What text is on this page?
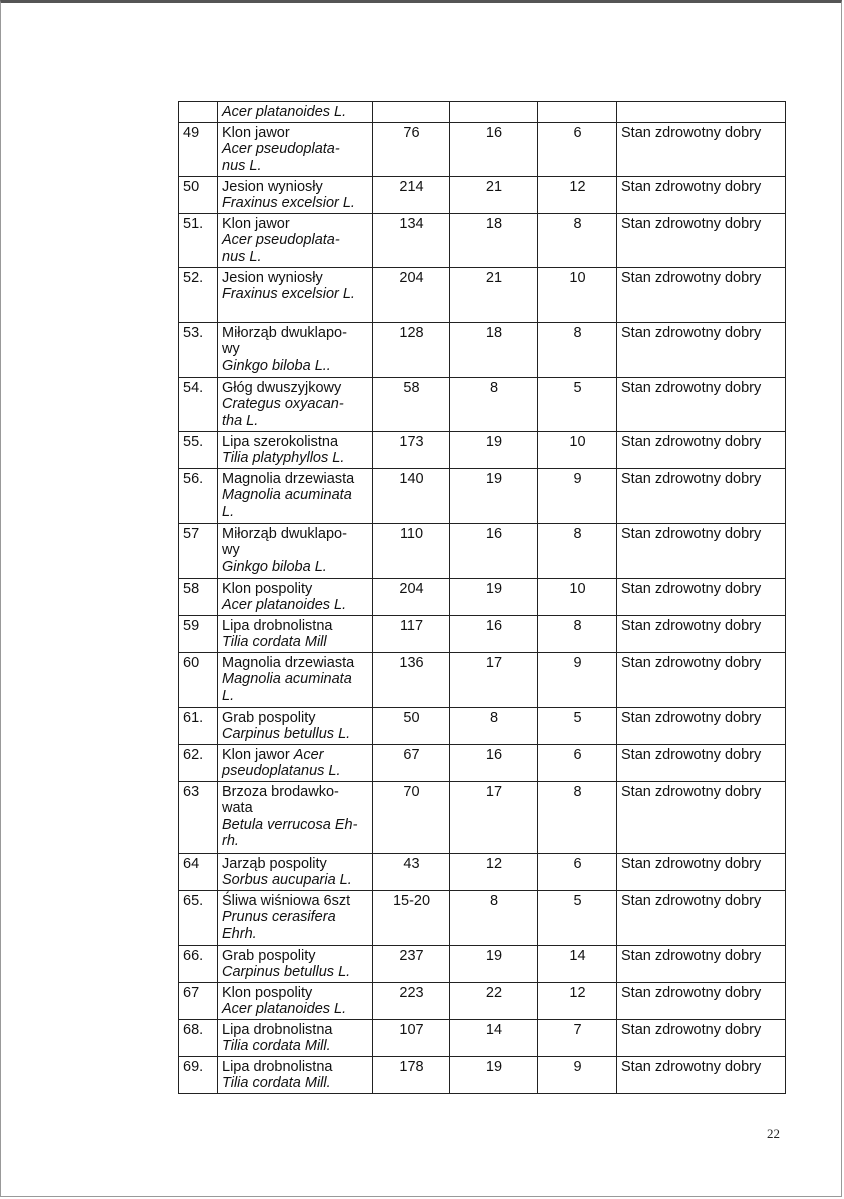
	Acer platanoides L.				

49	Klon jawor
Acer pseudoplata-
nus L.	76	16	6	Stan zdrowotny dobry
50	Jesion wyniosły
Fraxinus excelsior L.	214	21	12	Stan zdrowotny dobry
51.	Klon jawor
Acer pseudoplata-
nus L.	134	18	8	Stan zdrowotny dobry
52.	Jesion wyniosły
Fraxinus excelsior L.	204	21	10	Stan zdrowotny dobry
53.	Miłorząb dwuklapo-
wy
Ginkgo biloba L..	128	18	8	Stan zdrowotny dobry
54.	Głóg dwuszyjkowy
Crategus oxyacan-
tha L.	58	8	5	Stan zdrowotny dobry
55.	Lipa szerokolistna
Tilia platyphyllos L.	173	19	10	Stan zdrowotny dobry
56.	Magnolia drzewiasta
Magnolia acuminata
L.	140	19	9	Stan zdrowotny dobry
57	Miłorząb dwuklapo-
wy
Ginkgo biloba L.	110	16	8	Stan zdrowotny dobry
58	Klon pospolity
Acer platanoides L.	204	19	10	Stan zdrowotny dobry
59	Lipa drobnolistna
Tilia cordata Mill	117	16	8	Stan zdrowotny dobry
60	Magnolia drzewiasta
Magnolia acuminata
L.	136	17	9	Stan zdrowotny dobry
61.	Grab pospolity
Carpinus betullus L.	50	8	5	Stan zdrowotny dobry
62.	Klon jawor Acer
pseudoplatanus L.	67	16	6	Stan zdrowotny dobry
63	Brzoza brodawko-
wata
Betula verrucosa Eh-
rh.	70	17	8	Stan zdrowotny dobry
64	Jarząb pospolity
Sorbus aucuparia L.	43	12	6	Stan zdrowotny dobry
65.	Śliwa wiśniowa 6szt
Prunus cerasifera
Ehrh.	15-20	8	5	Stan zdrowotny dobry
66.	Grab pospolity
Carpinus betullus L.	237	19	14	Stan zdrowotny dobry
67	Klon pospolity
Acer platanoides L.	223	22	12	Stan zdrowotny dobry
68.	Lipa drobnolistna
Tilia cordata Mill.	107	14	7	Stan zdrowotny dobry
69.	Lipa drobnolistna
Tilia cordata Mill.	178	19	9	Stan zdrowotny dobry
22
